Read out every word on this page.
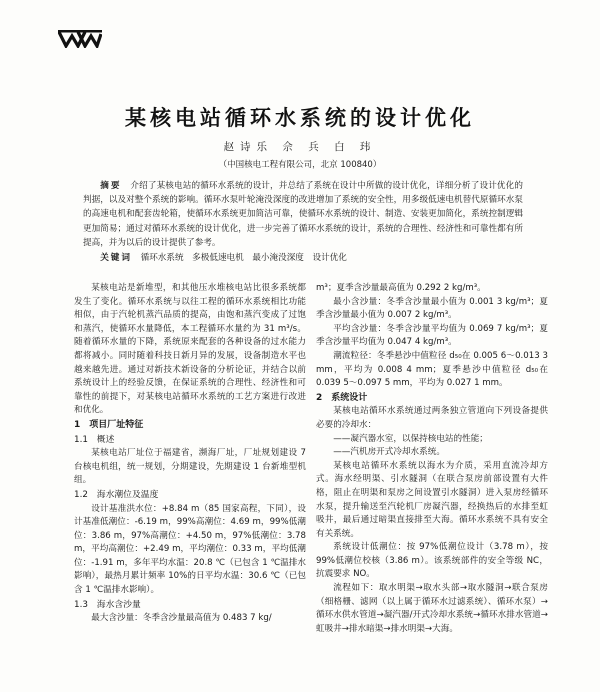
某核电站循环水系统的设计优化
赵诗乐 佘 兵 白 玮
（中国核电工程有限公司，北京 100840）

摘要　 介绍了某核电站的循环水系统的设计，并总结了系统在设计中所做的设计优化，详细分析了设计优化的判据，以及对整个系统的影响。循环水泵叶轮淹没深度的改进增加了系统的安全性，用多级低速电机替代原循环水泵的高速电机和配套齿轮箱，使循环水系统更加简洁可靠，使循环水系统的设计、制造、安装更加简化，系统控制逻辑更加简易；通过对循环水系统的设计优化，进一步完善了循环水系统的设计，系统的合理性、经济性和可靠性都有所提高，并为以后的设计提供了参考。

关键词　 循环水系统　多极低速电机　最小淹没深度　设计优化

某核电站是新堆型，和其他压水堆核电站比很多系统都发生了变化。循环水系统与以往工程的循环水系统相比功能相似，由于汽轮机蒸汽品质的提高，由饱和蒸汽变成了过饱和蒸汽，使循环水量降低，本工程循环水量约为 31 m³/s。随着循环水量的下降，系统原来配套的各种设备的过水能力都将减小。同时随着科技日新月异的发展，设备制造水平也越来越先进。通过对新技术新设备的分析论证，并结合以前系统设计上的经验反馈，在保证系统的合理性、经济性和可靠性的前提下，对某核电站循环水系统的工艺方案进行改进和优化。

1　项目厂址特征
1.1　概述

某核电站厂址位于福建省，濒海厂址，厂址规划建设 7 台核电机组，统一规划，分期建设，先期建设 1 台新堆型机组。

1.2　海水潮位及温度

设计基准洪水位：+8.84 m（85 国家高程，下同），设计基准低潮位：-6.19 m，99%高潮位：4.69 m，99%低潮位：3.86 m，97%高潮位：+4.50 m，97%低潮位：3.78 m，平均高潮位：+2.49 m，平均潮位：0.33 m，平均低潮位：-1.91 m，多年平均水温：20.8 ℃（已包含 1 ℃温排水影响），最热月累计频率 10%的日平均水温：30.6 ℃（已包含 1 ℃温排水影响）。

1.3　海水含沙量

最大含沙量：冬季含沙量最高值为 0.483 7 kg/

m³；夏季含沙量最高值为 0.292 2 kg/m³。

最小含沙量：冬季含沙量最小值为 0.001 3 kg/m³；夏季含沙量最小值为 0.007 2 kg/m³。

平均含沙量：冬季含沙量平均值为 0.069 7 kg/m³；夏季含沙量平均值为 0.047 4 kg/m³。

潮流粒径：冬季悬沙中值粒径 d₅₀在 0.005 6～0.013 3 mm，平均为 0.008 4 mm；夏季悬沙中值粒径 d₅₀在 0.039 5～0.097 5 mm，平均为 0.027 1 mm。

2　系统设计

某核电站循环水系统通过两条独立管道向下列设备提供必要的冷却水：

——凝汽器水室，以保持核电站的性能；

——汽机房开式冷却水系统。

某核电站循环水系统以海水为介质，采用直流冷却方式。海水经明渠、引水隧洞（在联合泵房前部设置有大件格，阻止在明渠和泵房之间设置引水隧洞）进入泵房经循环水泵，提升输送至汽轮机厂房凝汽器，经换热后的水排至虹吸井，最后通过暗渠直接排至大海。循环水系统不具有安全有关系统。

系统设计低潮位：按 97%低潮位设计（3.78 m），按 99%低潮位校核（3.86 m）。该系统部件的安全等级 NC，抗震要求 NO。

流程如下：取水明渠→取水头部→取水隧洞→联合泵房（细格栅、滤网（以上属于循环水过滤系统）、循环水泵）→循环水供水管道→凝汽器/开式冷却水系统→循环水排水管道→虹吸井→排水暗渠→排水明渠→大海。
